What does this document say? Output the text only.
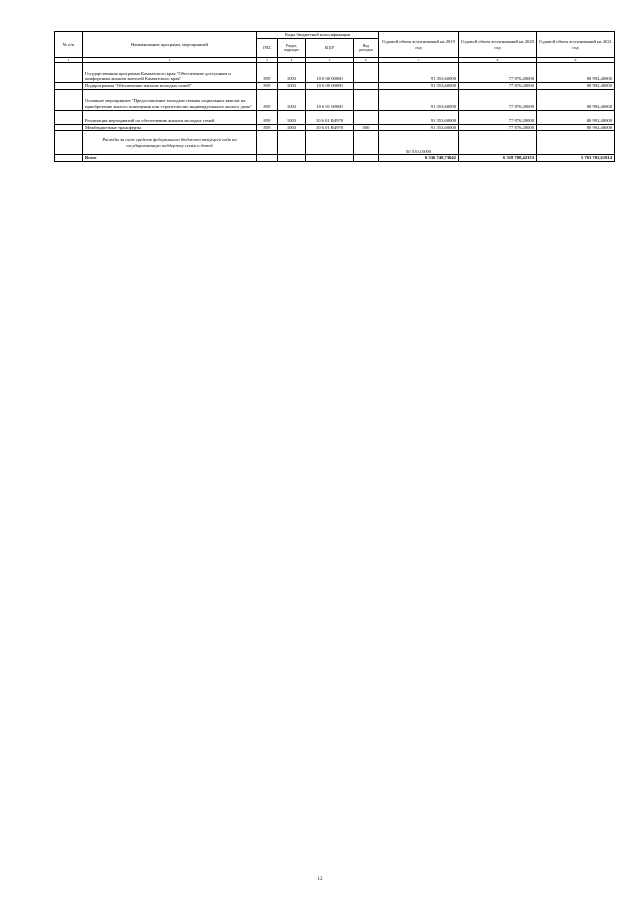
№ п/п	Наименование программ, мероприятий	Коды бюджетной классификации				Годовой объем ассигнований на 2019 год	Годовой объем ассигнований на 2020 год	Годовой объем ассигнований на 2021 год
		ГРБС	Раздел, подраздел	КЦСР	Вид расходов			
1	2	3	4	5	6	7	8	9
	Государственная программа Камчатского края "Обеспечение доступным и комфортным жильем жителей Камчатского края"	859	1003	10 0 00 00000		91 353,60000	77 876,20000	80 992,40000
	Подпрограмма "Обеспечение жильем молодых семей"	859	1003	10 6 00 00000		91 353,60000	77 876,20000	80 992,40000
	Основное мероприятие "Предоставление молодым семьям социальных выплат на приобретение жилого помещения или строительство индивидуального жилого дома"	859	1003	10 6 01 00000		91 353,60000	77 876,20000	80 992,40000
	Реализация мероприятий по обеспечению жильем молодых семей	859	1003	10 6 01 R4970		91 353,60000	77 876,20000	80 992,40000
	Межбюджетные трансферты	859	1003	10 6 01 R4970	500	91 353,60000	77 876,20000	80 992,40000
	Расходы за счет средств федерального бюджета текущего года на государственную поддержку семьи и детей					50 510,10000		
	Всего					6 536 748,73042	6 318 700,42353	5 763 702,61914
12
